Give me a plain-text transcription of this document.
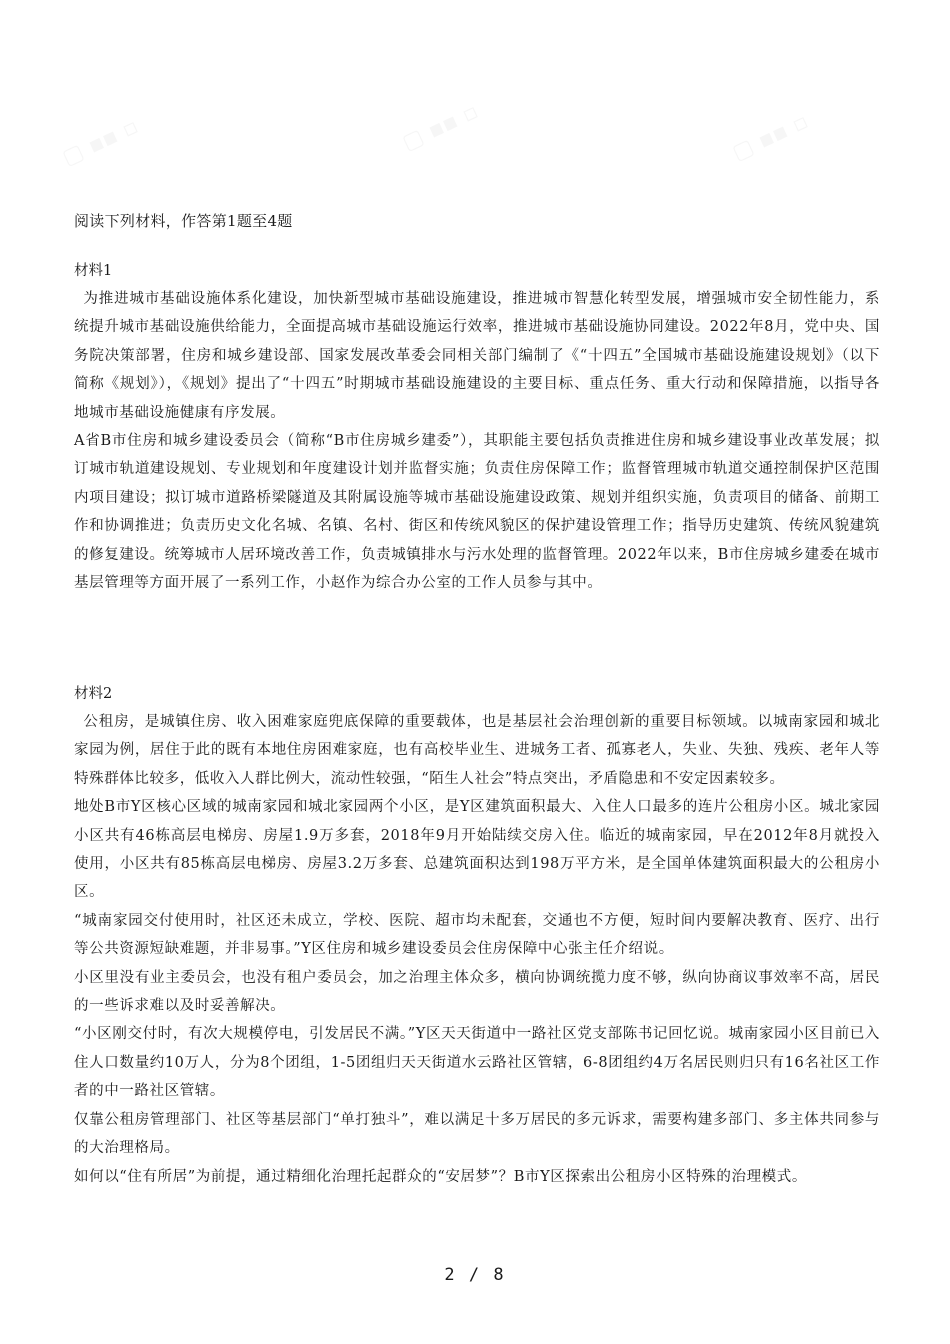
阅读下列材料，作答第1题至4题

材料1

为推进城市基础设施体系化建设，加快新型城市基础设施建设，推进城市智慧化转型发展，增强城市安全韧性能力，系统提升城市基础设施供给能力，全面提高城市基础设施运行效率，推进城市基础设施协同建设。2022年8月，党中央、国务院决策部署，住房和城乡建设部、国家发展改革委会同相关部门编制了《“十四五”全国城市基础设施建设规划》（以下简称《规划》），《规划》提出了“十四五”时期城市基础设施建设的主要目标、重点任务、重大行动和保障措施，以指导各地城市基础设施健康有序发展。

A省B市住房和城乡建设委员会（简称“B市住房城乡建委”），其职能主要包括负责推进住房和城乡建设事业改革发展；拟订城市轨道建设规划、专业规划和年度建设计划并监督实施；负责住房保障工作；监督管理城市轨道交通控制保护区范围内项目建设；拟订城市道路桥梁隧道及其附属设施等城市基础设施建设政策、规划并组织实施，负责项目的储备、前期工作和协调推进；负责历史文化名城、名镇、名村、街区和传统风貌区的保护建设管理工作；指导历史建筑、传统风貌建筑的修复建设。统筹城市人居环境改善工作，负责城镇排水与污水处理的监督管理。2022年以来，B市住房城乡建委在城市基层管理等方面开展了一系列工作，小赵作为综合办公室的工作人员参与其中。

材料2

公租房，是城镇住房、收入困难家庭兜底保障的重要载体，也是基层社会治理创新的重要目标领域。以城南家园和城北家园为例，居住于此的既有本地住房困难家庭，也有高校毕业生、进城务工者、孤寡老人，失业、失独、残疾、老年人等特殊群体比较多，低收入人群比例大，流动性较强，“陌生人社会”特点突出，矛盾隐患和不安定因素较多。

地处B市Y区核心区域的城南家园和城北家园两个小区，是Y区建筑面积最大、入住人口最多的连片公租房小区。城北家园小区共有46栋高层电梯房、房屋1.9万多套，2018年9月开始陆续交房入住。临近的城南家园，早在2012年8月就投入使用，小区共有85栋高层电梯房、房屋3.2万多套、总建筑面积达到198万平方米，是全国单体建筑面积最大的公租房小区。

“城南家园交付使用时，社区还未成立，学校、医院、超市均未配套，交通也不方便，短时间内要解决教育、医疗、出行等公共资源短缺难题，并非易事。”Y区住房和城乡建设委员会住房保障中心张主任介绍说。

小区里没有业主委员会，也没有租户委员会，加之治理主体众多，横向协调统揽力度不够，纵向协商议事效率不高，居民的一些诉求难以及时妥善解决。

“小区刚交付时，有次大规模停电，引发居民不满。”Y区天天街道中一路社区党支部陈书记回忆说。城南家园小区目前已入住人口数量约10万人，分为8个团组，1-5团组归天天街道水云路社区管辖，6-8团组约4万名居民则归只有16名社区工作者的中一路社区管辖。

仅靠公租房管理部门、社区等基层部门“单打独斗”，难以满足十多万居民的多元诉求，需要构建多部门、多主体共同参与的大治理格局。

如何以“住有所居”为前提，通过精细化治理托起群众的“安居梦”？B市Y区探索出公租房小区特殊的治理模式。

2 / 8
